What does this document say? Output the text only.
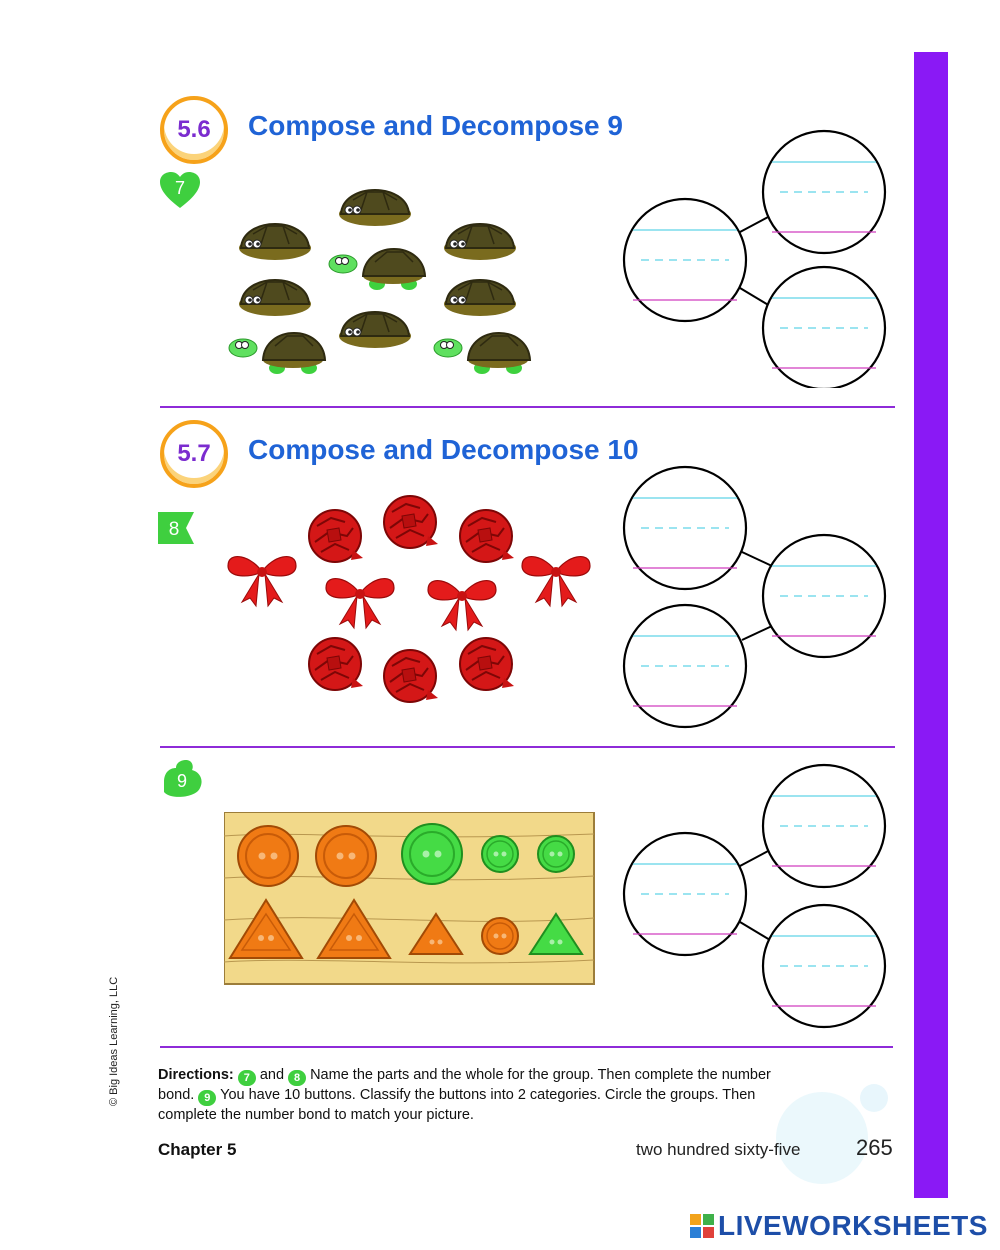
5.6 Compose and Decompose 9
7
5.7 Compose and Decompose 10
8
9
© Big Ideas Learning, LLC	Directions: 7 and 8 Name the parts and the whole for the group. Then complete the number bond. 9 You have 10 buttons. Classify the buttons into 2 categories. Circle the groups. Then complete the number bond to match your picture.
Chapter 5	two hundred sixty-five	265
LIVEWORKSHEETS
